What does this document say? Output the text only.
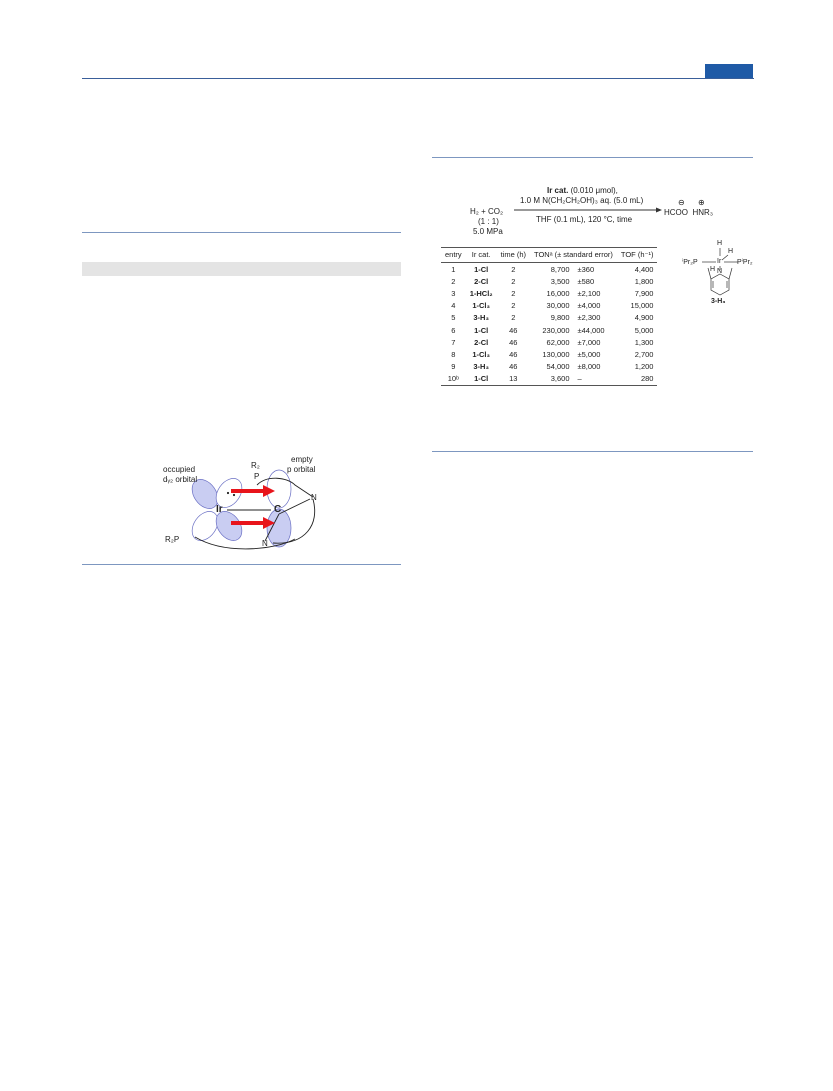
H₂ + CO₂
(1 : 1)
5.0 MPa
Ir cat. (0.010 μmol),
1.0 M N(CH₂CH₂OH)₃ aq. (5.0 mL)
THF (0.1 mL), 120 °C, time
⊖ ⊕
HCOO HNR₃
entry	Ir cat.	time (h)	TONᵃ (± standard error)		TOF (h⁻¹)
1	1-Cl	2	8,700	±360	4,400
2	2-Cl	2	3,500	±580	1,800
3	1-HCl₂	2	16,000	±2,100	7,900
4	1-Cl₃	2	30,000	±4,000	15,000
5	3-H₃	2	9,800	±2,300	4,900
6	1-Cl	46	230,000	±44,000	5,000
7	2-Cl	46	62,000	±7,000	1,300
8	1-Cl₃	46	130,000	±5,000	2,700
9	3-H₃	46	54,000	±8,000	1,200
10ᵇ	1-Cl	13	3,600	–	280
H
H
ⁱPr₂P	Ir PⁱPr₂
H N
3-H₃
occupied
dᵧ₂ orbital
empty
p orbital
R₂
P
Ir	C
N
N
R₂P
